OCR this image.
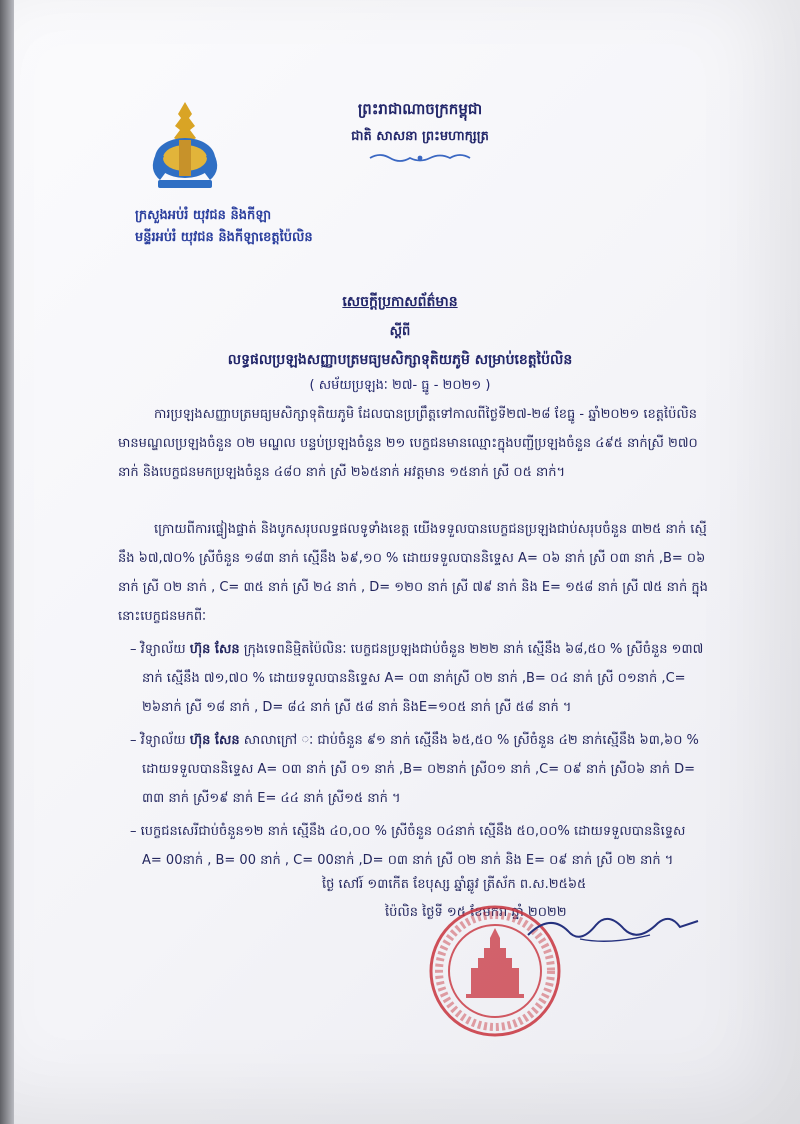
ព្រះរាជាណាចក្រកម្ពុជា
ជាតិ សាសនា ព្រះមហាក្សត្រ
ក្រសួងអប់រំ យុវជន និងកីឡា
មន្ទីរអប់រំ យុវជន និងកីឡាខេត្តប៉ៃលិន
សេចក្តីប្រកាសព័ត៌មាន
ស្តីពី
លទ្ធផលប្រឡងសញ្ញាបត្រមធ្យមសិក្សាទុតិយភូមិ សម្រាប់ខេត្តប៉ៃលិន
( សម័យប្រឡងៈ ២៧- ធ្នូ - ២០២១ )
ការប្រឡងសញ្ញាបត្រមធ្យមសិក្សាទុតិយភូមិ ដែលបានប្រព្រឹត្តទៅកាលពីថ្ងៃទី២៧-២៨ ខែធ្នូ - ឆ្នាំ២០២១ ខេត្តប៉ៃលិន មានមណ្ឌលប្រឡងចំនួន ០២ មណ្ឌល បន្ទប់ប្រឡងចំនួន ២១ បេក្ខជនមានឈ្មោះក្នុងបញ្ជីប្រឡងចំនួន ៤៩៥ នាក់ស្រី ២៧០ នាក់ និងបេក្ខជនមកប្រឡងចំនួន ៤៨០ នាក់ ស្រី ២៦៥នាក់ អវត្តមាន ១៥នាក់ ស្រី ០៥ នាក់។
ក្រោយពីការផ្ទៀងផ្ទាត់ និងបូកសរុបលទ្ធផលទូទាំងខេត្ត យើងទទួលបានបេក្ខជនប្រឡងជាប់សរុបចំនួន ៣២៥ នាក់ ស្មើនឹង ៦៧,៧០% ស្រីចំនួន ១៨៣ នាក់ ស្មើនឹង ៦៩,១០ % ដោយទទួលបាននិទ្ទេស A= ០៦ នាក់ ស្រី ០៣ នាក់ ,B= ០៦ នាក់ ស្រី ០២ នាក់ , C= ៣៥ នាក់ ស្រី ២៤ នាក់ , D= ១២០ នាក់ ស្រី ៧៩ នាក់ និង E= ១៥៨ នាក់ ស្រី ៧៥ នាក់ ក្នុងនោះបេក្ខជនមកពីៈ
– វិទ្យាល័យ ហ៊ុន សែន ក្រុងទេពនិម្មិតប៉ៃលិនៈ បេក្ខជនប្រឡងជាប់ចំនួន ២២២ នាក់ ស្មើនឹង ៦៨,៥០ % ស្រីចំនួន ១៣៧ នាក់ ស្មើនឹង ៧១,៧០ % ដោយទទួលបាននិទ្ទេស A= ០៣ នាក់ស្រី ០២ នាក់ ,B= ០៤ នាក់ ស្រី ០១នាក់ ,C= ២៦នាក់ ស្រី ១៨ នាក់ , D= ៨៤ នាក់ ស្រី ៥៨ នាក់ និងE=១០៥ នាក់ ស្រី ៥៨ នាក់ ។
– វិទ្យាល័យ ហ៊ុន សែន សាលាក្រៅ ៈ ជាប់ចំនួន ៩១ នាក់ ស្មើនឹង ៦៥,៥០ % ស្រីចំនួន ៤២ នាក់ស្មើនឹង ៦៣,៦០ % ដោយទទួលបាននិទ្ទេស A= ០៣ នាក់ ស្រី ០១ នាក់ ,B= ០២នាក់ ស្រី០១ នាក់ ,C= ០៩ នាក់ ស្រី០៦ នាក់ D= ៣៣ នាក់ ស្រី១៩ នាក់ E= ៤៤ នាក់ ស្រី១៥ នាក់ ។
– បេក្ខជនសេរីជាប់ចំនួន១២ នាក់ ស្មើនឹង ៤០,០០ % ស្រីចំនួន ០៤នាក់ ស្មើនឹង ៥០,០០% ដោយទទួលបាននិទ្ទេស A= 00នាក់ , B= 00 នាក់ , C= 00នាក់ ,D= ០៣ នាក់ ស្រី ០២ នាក់ និង E= ០៩ នាក់ ស្រី ០២ នាក់ ។
ថ្ងៃ សៅរ៍ ១៣កើត ខែបុស្ស ឆ្នាំឆ្លូវ ត្រីស័ក ព.ស.២៥៦៥
ប៉ៃលិន ថ្ងៃទី ១៥ ខែមករា ឆ្នាំ ២០២២
